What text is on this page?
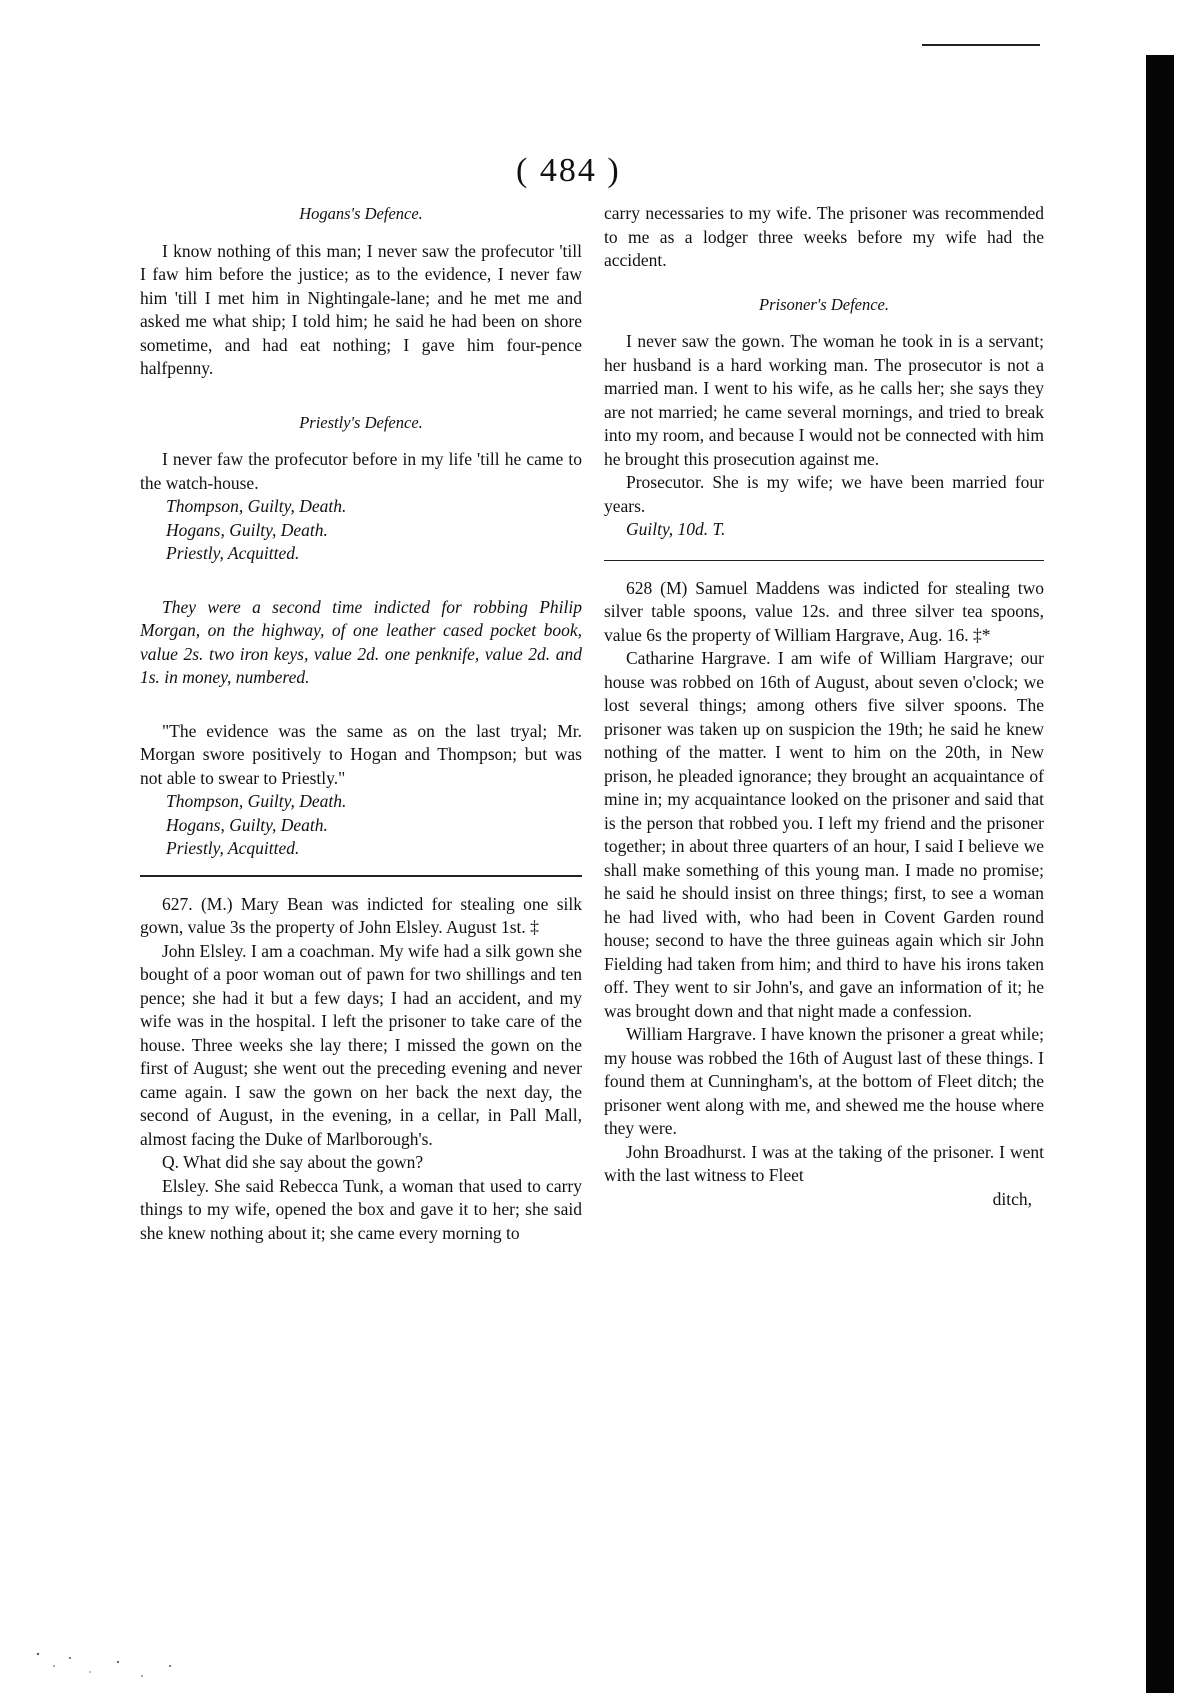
( 484 )

Hogans's Defence.

I know nothing of this man; I never saw the profecutor 'till I faw him before the justice; as to the evidence, I never faw him 'till I met him in Nightingale-lane; and he met me and asked me what ship; I told him; he said he had been on shore sometime, and had eat nothing; I gave him four-pence halfpenny.

Priestly's Defence.

I never faw the profecutor before in my life 'till he came to the watch-house.

Thompson, Guilty, Death.

Hogans, Guilty, Death.

Priestly, Acquitted.

They were a second time indicted for robbing Philip Morgan, on the highway, of one leather cased pocket book, value 2s. two iron keys, value 2d. one penknife, value 2d. and 1s. in money, numbered.

"The evidence was the same as on the last tryal; Mr. Morgan swore positively to Hogan and Thompson; but was not able to swear to Priestly."

Thompson, Guilty, Death.

Hogans, Guilty, Death.

Priestly, Acquitted.

627. (M.) Mary Bean was indicted for stealing one silk gown, value 3s the property of John Elsley. August 1st. ‡

John Elsley. I am a coachman. My wife had a silk gown she bought of a poor woman out of pawn for two shillings and ten pence; she had it but a few days; I had an accident, and my wife was in the hospital. I left the prisoner to take care of the house. Three weeks she lay there; I missed the gown on the first of August; she went out the preceding evening and never came again. I saw the gown on her back the next day, the second of August, in the evening, in a cellar, in Pall Mall, almost facing the Duke of Marlborough's.

Q. What did she say about the gown?

Elsley. She said Rebecca Tunk, a woman that used to carry things to my wife, opened the box and gave it to her; she said she knew nothing about it; she came every morning to

carry necessaries to my wife. The prisoner was recommended to me as a lodger three weeks before my wife had the accident.

Prisoner's Defence.

I never saw the gown. The woman he took in is a servant; her husband is a hard working man. The prosecutor is not a married man. I went to his wife, as he calls her; she says they are not married; he came several mornings, and tried to break into my room, and because I would not be connected with him he brought this prosecution against me.

Prosecutor. She is my wife; we have been married four years.

Guilty, 10d. T.

628 (M) Samuel Maddens was indicted for stealing two silver table spoons, value 12s. and three silver tea spoons, value 6s the property of William Hargrave, Aug. 16. ‡*

Catharine Hargrave. I am wife of William Hargrave; our house was robbed on 16th of August, about seven o'clock; we lost several things; among others five silver spoons. The prisoner was taken up on suspicion the 19th; he said he knew nothing of the matter. I went to him on the 20th, in New prison, he pleaded ignorance; they brought an acquaintance of mine in; my acquaintance looked on the prisoner and said that is the person that robbed you. I left my friend and the prisoner together; in about three quarters of an hour, I said I believe we shall make something of this young man. I made no promise; he said he should insist on three things; first, to see a woman he had lived with, who had been in Covent Garden round house; second to have the three guineas again which sir John Fielding had taken from him; and third to have his irons taken off. They went to sir John's, and gave an information of it; he was brought down and that night made a confession.

William Hargrave. I have known the prisoner a great while; my house was robbed the 16th of August last of these things. I found them at Cunningham's, at the bottom of Fleet ditch; the prisoner went along with me, and shewed me the house where they were.

John Broadhurst. I was at the taking of the prisoner. I went with the last witness to Fleet

ditch,
